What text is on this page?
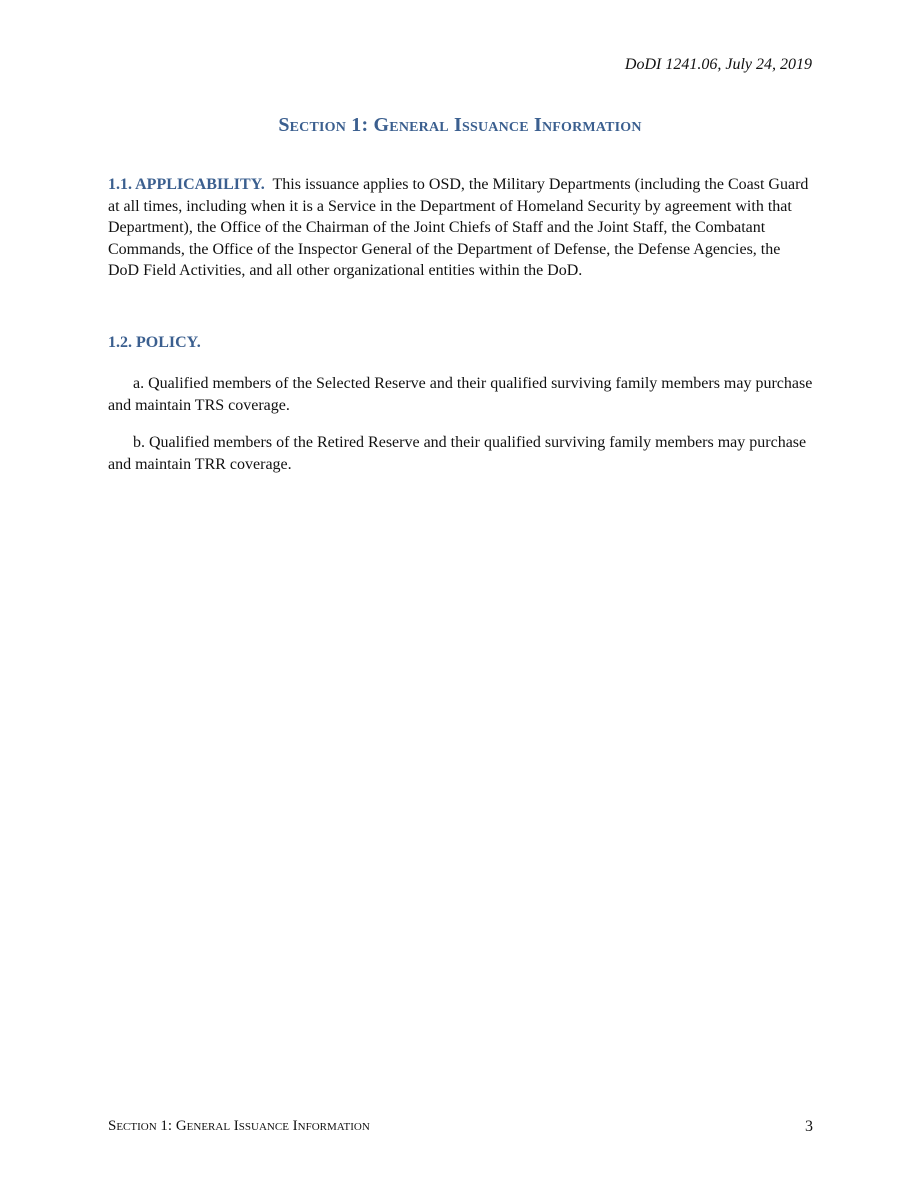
DoDI 1241.06, July 24, 2019
Section 1: General Issuance Information
1.1. APPLICABILITY. This issuance applies to OSD, the Military Departments (including the Coast Guard at all times, including when it is a Service in the Department of Homeland Security by agreement with that Department), the Office of the Chairman of the Joint Chiefs of Staff and the Joint Staff, the Combatant Commands, the Office of the Inspector General of the Department of Defense, the Defense Agencies, the DoD Field Activities, and all other organizational entities within the DoD.
1.2. POLICY.
a. Qualified members of the Selected Reserve and their qualified surviving family members may purchase and maintain TRS coverage.
b. Qualified members of the Retired Reserve and their qualified surviving family members may purchase and maintain TRR coverage.
Section 1: General Issuance Information	3
